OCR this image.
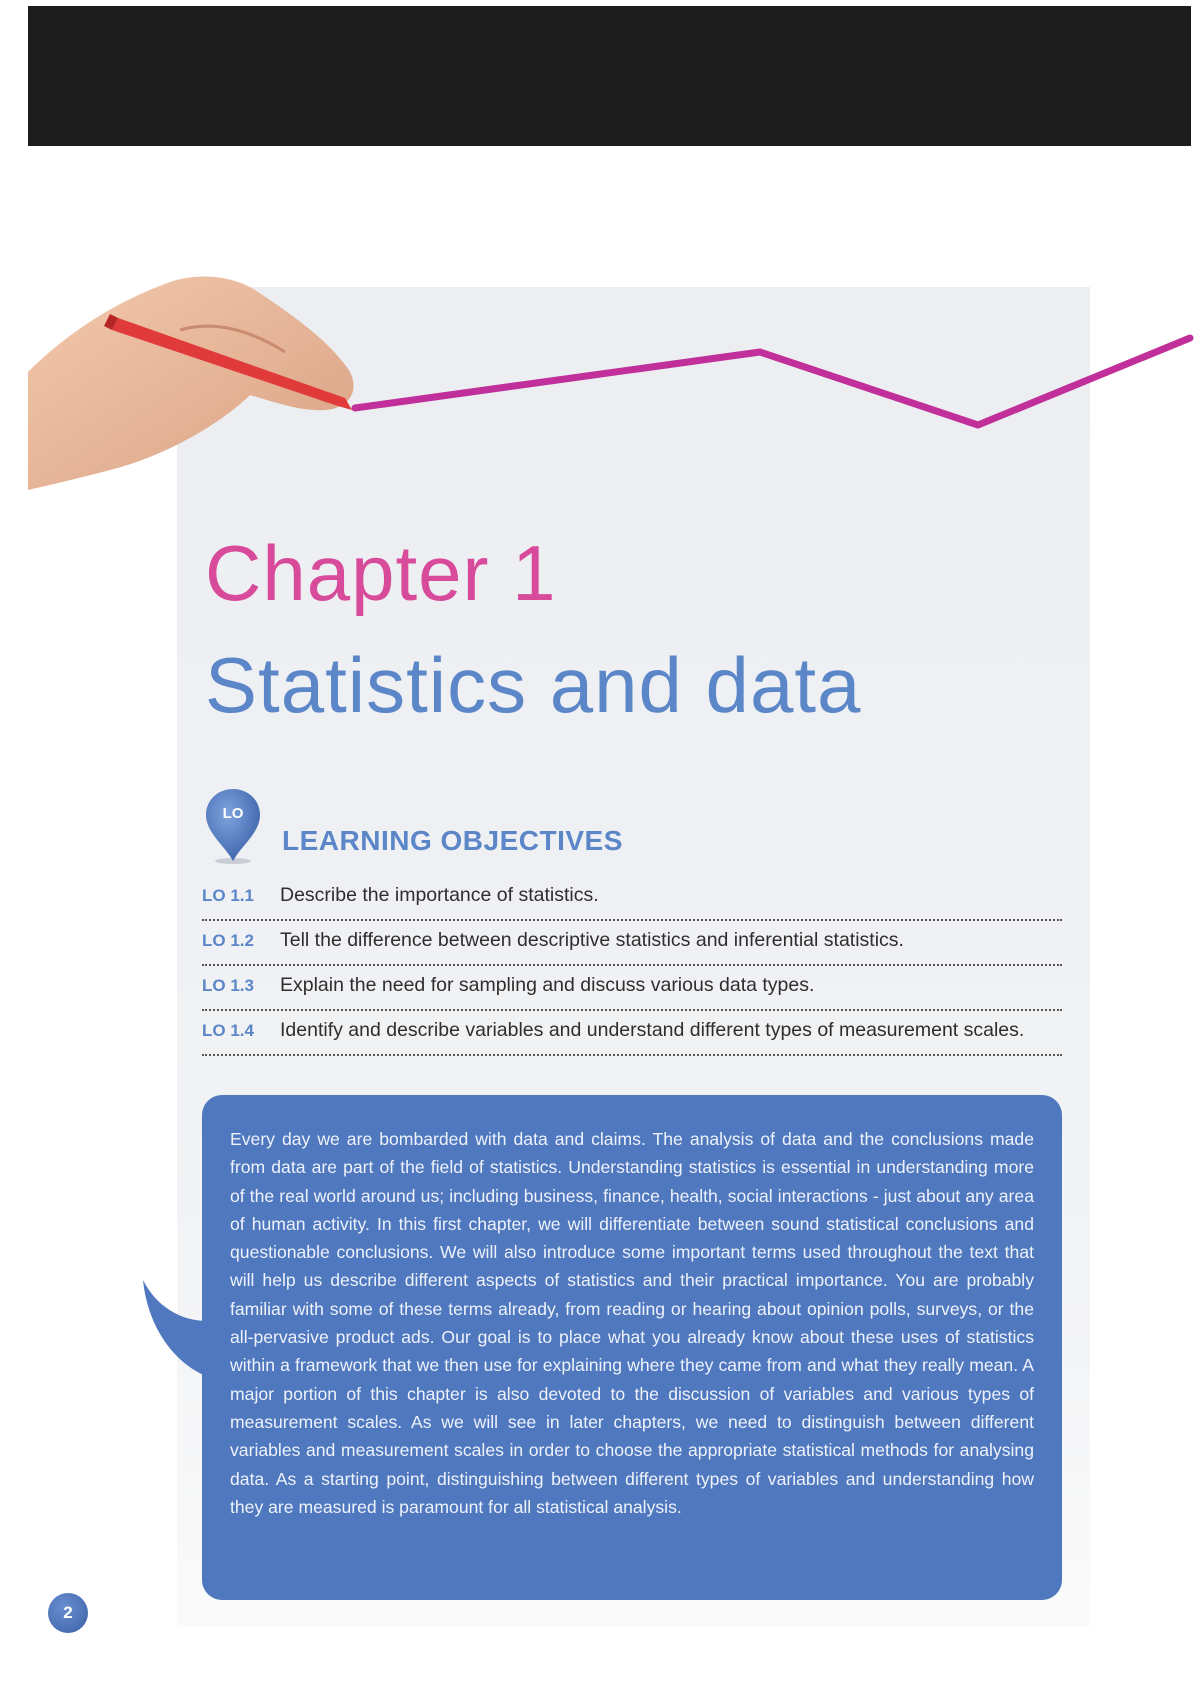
Chapter 1
Statistics and data
LO
LEARNING OBJECTIVES
LO 1.1	Describe the importance of statistics.
LO 1.2	Tell the difference between descriptive statistics and inferential statistics.
LO 1.3	Explain the need for sampling and discuss various data types.
LO 1.4	Identify and describe variables and understand different types of measurement scales.

Every day we are bombarded with data and claims. The analysis of data and the conclusions made from data are part of the field of statistics. Understanding statistics is essential in understanding more of the real world around us; including business, finance, health, social interactions - just about any area of human activity. In this first chapter, we will differentiate between sound statistical conclusions and questionable conclusions. We will also introduce some important terms used throughout the text that will help us describe different aspects of statistics and their practical importance. You are probably familiar with some of these terms already, from reading or hearing about opinion polls, surveys, or the all-pervasive product ads. Our goal is to place what you already know about these uses of statistics within a framework that we then use for explaining where they came from and what they really mean. A major portion of this chapter is also devoted to the discussion of variables and various types of measurement scales. As we will see in later chapters, we need to distinguish between different variables and measurement scales in order to choose the appropriate statistical methods for analysing data. As a starting point, distinguishing between different types of variables and understanding how they are measured is paramount for all statistical analysis.

2
